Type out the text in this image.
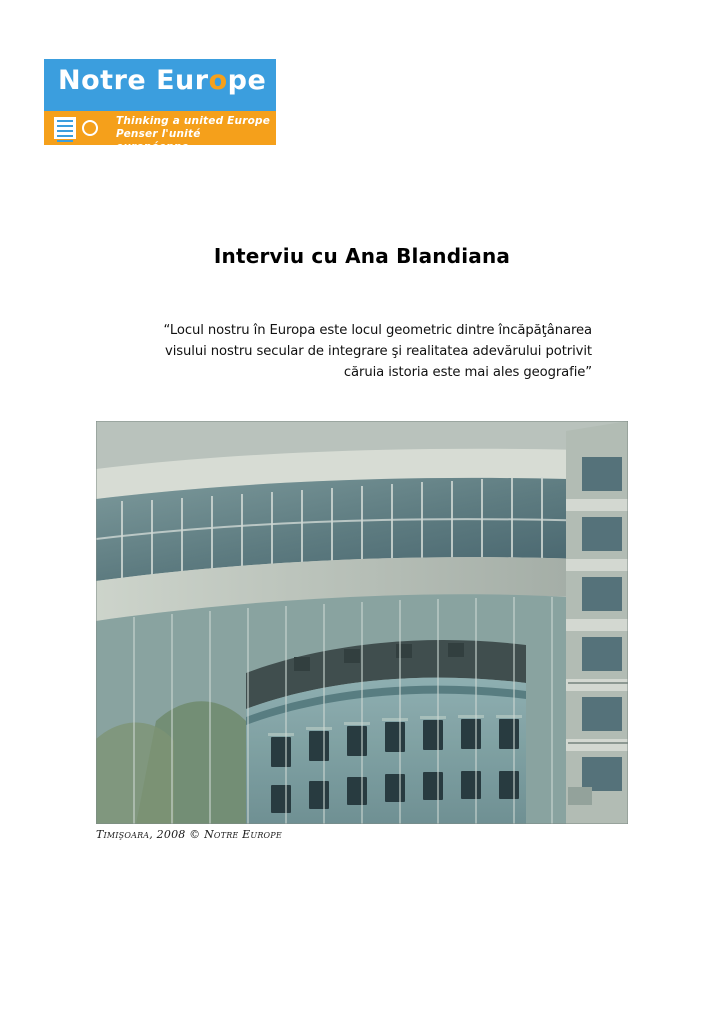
Notre Europe
Thinking a united Europe
Penser l'unité européenne
Interviu cu Ana Blandiana
“Locul nostru în Europa este locul geometric dintre încăpăţânarea visului nostru secular de integrare şi realitatea adevărului potrivit căruia istoria este mai ales geografie”
Timişoara, 2008 © Notre Europe
